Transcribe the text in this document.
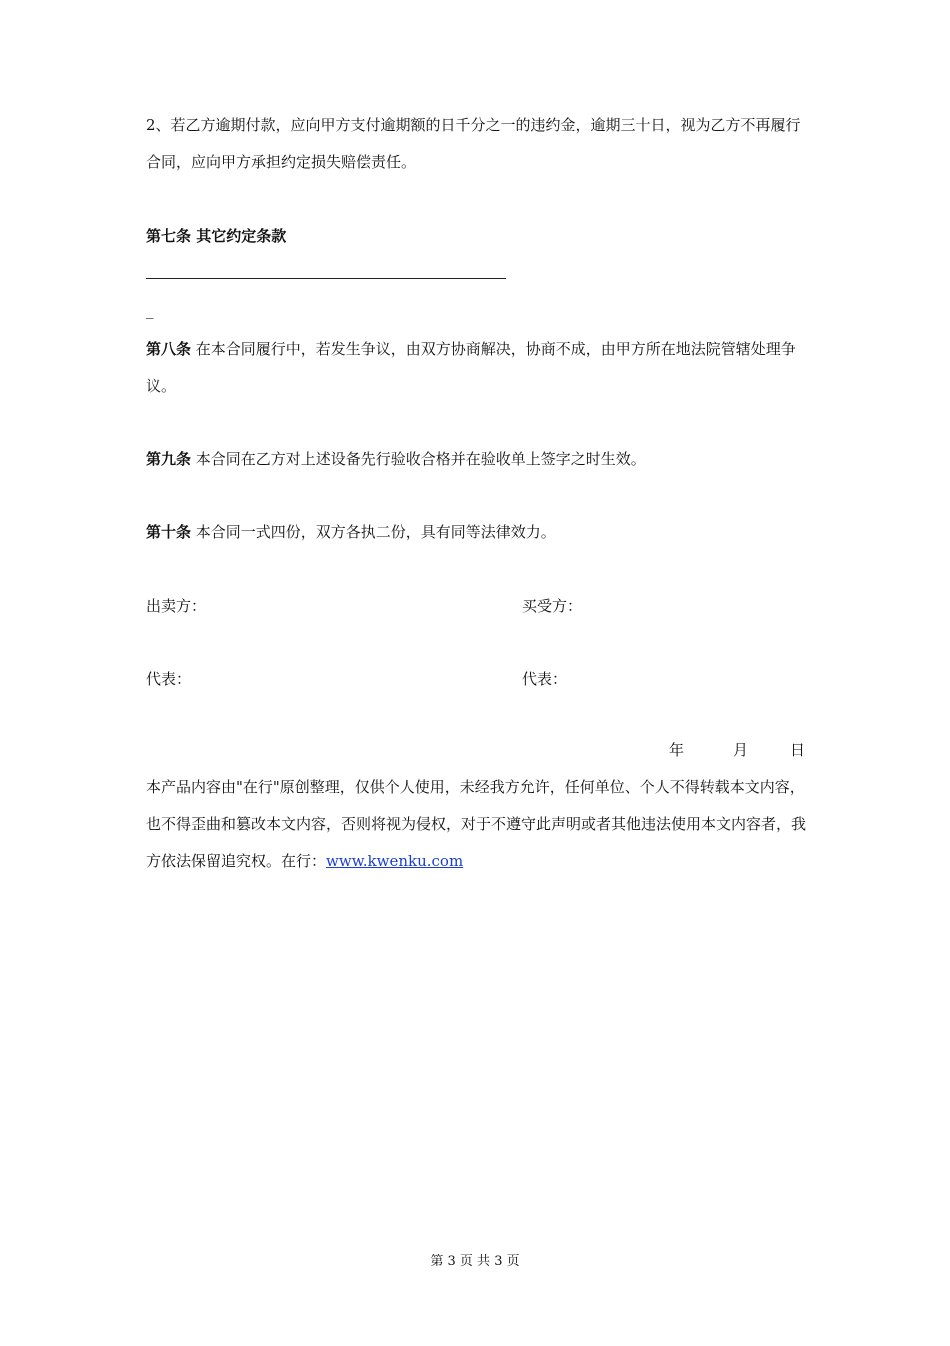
2、若乙方逾期付款，应向甲方支付逾期额的日千分之一的违约金，逾期三十日，视为乙方不再履行合同，应向甲方承担约定损失赔偿责任。
第七条 其它约定条款
_
第八条 在本合同履行中，若发生争议，由双方协商解决，协商不成，由甲方所在地法院管辖处理争议。
第九条 本合同在乙方对上述设备先行验收合格并在验收单上签字之时生效。
第十条 本合同一式四份，双方各执二份，具有同等法律效力。
出卖方：	买受方：
代表：	代表：
年	月	日
本产品内容由"在行"原创整理，仅供个人使用，未经我方允许，任何单位、个人不得转载本文内容，也不得歪曲和篡改本文内容，否则将视为侵权，对于不遵守此声明或者其他违法使用本文内容者，我方依法保留追究权。在行：www.kwenku.com
第 3 页 共 3 页
